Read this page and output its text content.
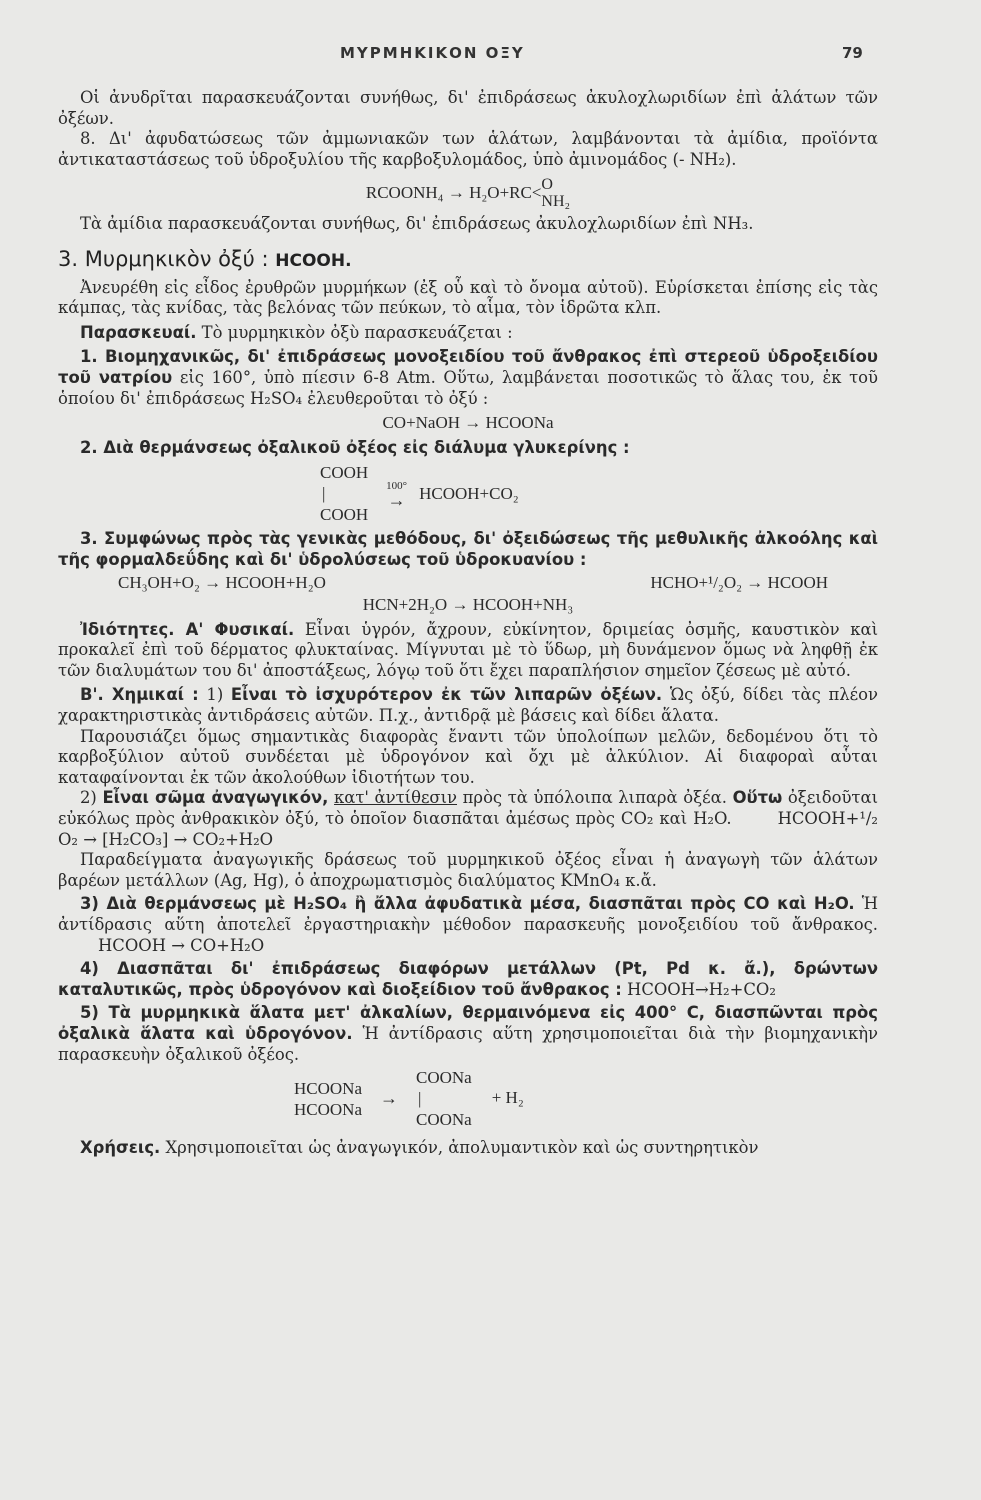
ΜΥΡΜΗΚΙΚΟΝ ΟΞΥ	79

Οἱ ἀνυδρῖται παρασκευάζονται συνήθως, δι' ἐπιδράσεως ἀκυλοχλωριδίων ἐπὶ ἁλάτων τῶν ὀξέων.

8. Δι' ἀφυδατώσεως τῶν ἀμμωνιακῶν των ἁλάτων, λαμβάνονται τὰ ἀμίδια, προϊόντα ἀντικαταστάσεως τοῦ ὑδροξυλίου τῆς καρβοξυλομάδος, ὑπὸ ἀμινομάδος (- NH₂).

RCOONH₄ → H₂O+RC< O
NH₂

Τὰ ἀμίδια παρασκευάζονται συνήθως, δι' ἐπιδράσεως ἀκυλοχλωριδίων ἐπὶ NH₃.

3. Μυρμηκικὸν ὀξύ : HCOOH.

Ἀνευρέθη εἰς εἶδος ἐρυθρῶν μυρμήκων (ἐξ οὗ καὶ τὸ ὄνομα αὐτοῦ). Εὑρίσκεται ἐπίσης εἰς τὰς κάμπας, τὰς κνίδας, τὰς βελόνας τῶν πεύκων, τὸ αἷμα, τὸν ἱδρῶτα κλπ.

Παρασκευαί. Τὸ μυρμηκικὸν ὀξὺ παρασκευάζεται :

1. Βιομηχανικῶς, δι' ἐπιδράσεως μονοξειδίου τοῦ ἄνθρακος ἐπὶ στερεοῦ ὑδροξειδίου τοῦ νατρίου εἰς 160°, ὑπὸ πίεσιν 6-8 Atm. Οὕτω, λαμβάνεται ποσοτικῶς τὸ ἅλας του, ἐκ τοῦ ὁποίου δι' ἐπιδράσεως H₂SO₄ ἐλευθεροῦται τὸ ὀξύ :

CO+NaOH → HCOONa

2. Διὰ θερμάνσεως ὀξαλικοῦ ὀξέος εἰς διάλυμα γλυκερίνης :

COOH
|
COOH
100°
→ HCOOH+CO₂

3. Συμφώνως πρὸς τὰς γενικὰς μεθόδους, δι' ὀξειδώσεως τῆς μεθυλικῆς ἀλκοόλης καὶ τῆς φορμαλδεΰδης καὶ δι' ὑδρολύσεως τοῦ ὑδροκυανίου :

CH₃OH+O₂ → HCOOH+H₂O	HCHO+¹/₂O₂ → HCOOH
HCN+2H₂O → HCOOH+NH₃

Ἰδιότητες. Α' Φυσικαί. Εἶναι ὑγρόν, ἄχρουν, εὐκίνητον, δριμείας ὀσμῆς, καυστικὸν καὶ προκαλεῖ ἐπὶ τοῦ δέρματος φλυκταίνας. Μίγνυται μὲ τὸ ὕδωρ, μὴ δυνάμενον ὅμως νὰ ληφθῇ ἐκ τῶν διαλυμάτων του δι' ἀποστάξεως, λόγῳ τοῦ ὅτι ἔχει παραπλήσιον σημεῖον ζέσεως μὲ αὐτό.

Β'. Χημικαί : 1) Εἶναι τὸ ἰσχυρότερον ἐκ τῶν λιπαρῶν ὀξέων. Ὡς ὀξύ, δίδει τὰς πλέον χαρακτηριστικὰς ἀντιδράσεις αὐτῶν. Π.χ., ἀντιδρᾷ μὲ βάσεις καὶ δίδει ἅλατα.

Παρουσιάζει ὅμως σημαντικὰς διαφορὰς ἔναντι τῶν ὑπολοίπων μελῶν, δεδομένου ὅτι τὸ καρβοξύλιον αὐτοῦ συνδέεται μὲ ὑδρογόνον καὶ ὄχι μὲ ἀλκύλιον. Αἱ διαφοραὶ αὗται καταφαίνονται ἐκ τῶν ἀκολούθων ἰδιοτήτων του.

2) Εἶναι σῶμα ἀναγωγικόν, κατ' ἀντίθεσιν πρὸς τὰ ὑπόλοιπα λιπαρὰ ὀξέα. Οὕτω ὀξειδοῦται εὐκόλως πρὸς ἀνθρακικὸν ὀξύ, τὸ ὁποῖον διασπᾶται ἀμέσως πρὸς CO₂ καὶ H₂O.	HCOOH+¹/₂ O₂ → [H₂CO₃] → CO₂+H₂O

Παραδείγματα ἀναγωγικῆς δράσεως τοῦ μυρμηκικοῦ ὀξέος εἶναι ἡ ἀναγωγὴ τῶν ἁλάτων βαρέων μετάλλων (Ag, Hg), ὁ ἀποχρωματισμὸς διαλύματος KMnO₄ κ.ἄ.

3) Διὰ θερμάνσεως μὲ H₂SO₄ ἢ ἄλλα ἀφυδατικὰ μέσα, διασπᾶται πρὸς CO καὶ H₂O. Ἡ ἀντίδρασις αὕτη ἀποτελεῖ ἐργαστηριακὴν μέθοδον παρασκευῆς μονοξειδίου τοῦ ἄνθρακος. HCOOH → CO+H₂O

4) Διασπᾶται δι' ἐπιδράσεως διαφόρων μετάλλων (Pt, Pd κ. ἄ.), δρώντων καταλυτικῶς, πρὸς ὑδρογόνον καὶ διοξείδιον τοῦ ἄνθρακος : HCOOH→H₂+CO₂

5) Τὰ μυρμηκικὰ ἅλατα μετ' ἀλκαλίων, θερμαινόμενα εἰς 400° C, διασπῶνται πρὸς ὀξαλικὰ ἅλατα καὶ ὑδρογόνον. Ἡ ἀντίδρασις αὕτη χρησιμοποιεῖται διὰ τὴν βιομηχανικὴν παρασκευὴν ὀξαλικοῦ ὀξέος.

HCOONa
HCOONa
→
COONa
|
COONa
+ H₂

Χρήσεις. Χρησιμοποιεῖται ὡς ἀναγωγικόν, ἀπολυμαντικὸν καὶ ὡς συντηρητικὸν
